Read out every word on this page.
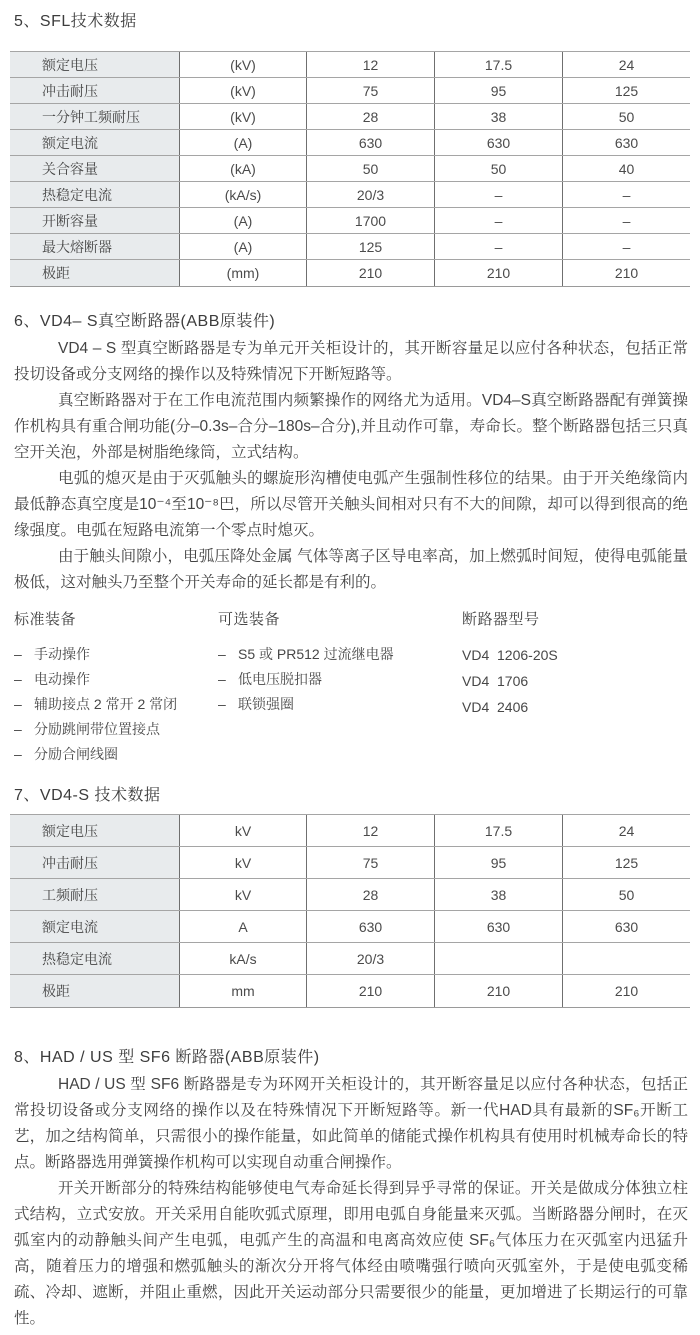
5、SFL技术数据
额定电压	(kV)	12	17.5	24
冲击耐压	(kV)	75	95	125
一分钟工频耐压	(kV)	28	38	50
额定电流	(A)	630	630	630
关合容量	(kA)	50	50	40
热稳定电流	(kA/s)	20/3	–	–
开断容量	(A)	1700	–	–
最大熔断器	(A)	125	–	–
极距	(mm)	210	210	210
6、VD4– S真空断路器(ABB原装件)

VD4 – S 型真空断路器是专为单元开关柜设计的，其开断容量足以应付各种状态，包括正常投切设备或分支网络的操作以及特殊情况下开断短路等。

真空断路器对于在工作电流范围内频繁操作的网络尤为适用。VD4–S真空断路器配有弹簧操作机构具有重合闸功能(分–0.3s–合分–180s–合分),并且动作可靠，寿命长。整个断路器包括三只真空开关泡，外部是树脂绝缘筒，立式结构。

电弧的熄灭是由于灭弧触头的螺旋形沟槽使电弧产生强制性移位的结果。由于开关绝缘筒内最低静态真空度是10⁻⁴至10⁻⁸巴，所以尽管开关触头间相对只有不大的间隙，却可以得到很高的绝缘强度。电弧在短路电流第一个零点时熄灭。

由于触头间隙小，电弧压降处金属 气体等离子区导电率高，加上燃弧时间短，使得电弧能量极低，这对触头乃至整个开关寿命的延长都是有利的。

标准装备
– 手动操作
– 电动操作
– 辅助接点 2 常开 2 常闭
– 分励跳闸带位置接点
– 分励合闸线圈
可选装备
– S5 或 PR512 过流继电器
– 低电压脱扣器
– 联锁强圈
断路器型号
VD4  1206-20S
VD4  1706
VD4  2406
7、VD4-S 技术数据
额定电压	kV	12	17.5	24
冲击耐压	kV	75	95	125
工频耐压	kV	28	38	50
额定电流	A	630	630	630
热稳定电流	kA/s	20/3
极距	mm	210	210	210
8、HAD / US 型 SF6 断路器(ABB原装件)

HAD / US 型 SF6 断路器是专为环网开关柜设计的，其开断容量足以应付各种状态，包括正常投切设备或分支网络的操作以及在特殊情况下开断短路等。新一代HAD具有最新的SF₆开断工艺，加之结构简单，只需很小的操作能量，如此简单的储能式操作机构具有使用时机械寿命长的特点。断路器选用弹簧操作机构可以实现自动重合闸操作。

开关开断部分的特殊结构能够使电气寿命延长得到异乎寻常的保证。开关是做成分体独立柱式结构，立式安放。开关采用自能吹弧式原理，即用电弧自身能量来灭弧。当断路器分闸时，在灭弧室内的动静触头间产生电弧，电弧产生的高温和电离高效应使 SF₆气体压力在灭弧室内迅猛升高，随着压力的增强和燃弧触头的渐次分开将气体经由喷嘴强行喷向灭弧室外，于是使电弧变稀疏、冷却、遮断，并阻止重燃，因此开关运动部分只需要很少的能量，更加增进了长期运行的可靠性。
